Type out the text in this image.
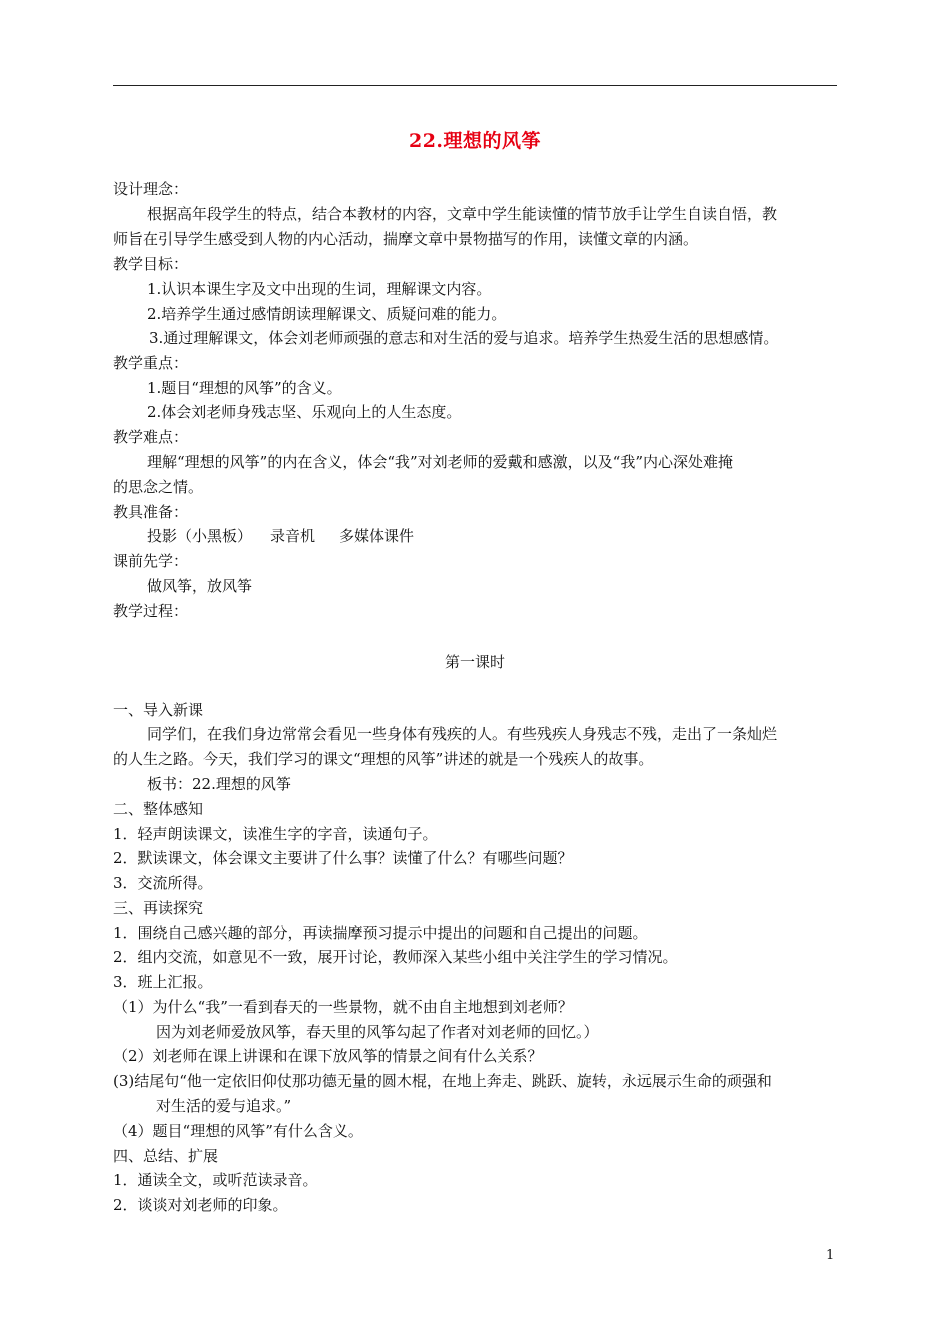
22.理想的风筝
设计理念：
根据高年段学生的特点，结合本教材的内容，文章中学生能读懂的情节放手让学生自读自悟，教
师旨在引导学生感受到人物的内心活动，揣摩文章中景物描写的作用，读懂文章的内涵。
教学目标：
1.认识本课生字及文中出现的生词，理解课文内容。
2.培养学生通过感情朗读理解课文、质疑问难的能力。
3.通过理解课文，体会刘老师顽强的意志和对生活的爱与追求。培养学生热爱生活的思想感情。
教学重点：
1.题目“理想的风筝”的含义。
2.体会刘老师身残志坚、乐观向上的人生态度。
教学难点：
理解“理想的风筝”的内在含义，体会“我”对刘老师的爱戴和感激，以及“我”内心深处难掩
的思念之情。
教具准备：
投影（小黑板） 录音机 多媒体课件
课前先学：
做风筝，放风筝
教学过程：
第一课时
一、导入新课
同学们，在我们身边常常会看见一些身体有残疾的人。有些残疾人身残志不残，走出了一条灿烂
的人生之路。今天，我们学习的课文“理想的风筝”讲述的就是一个残疾人的故事。
板书：22.理想的风筝
二、整体感知
1．轻声朗读课文，读准生字的字音，读通句子。
2．默读课文，体会课文主要讲了什么事？读懂了什么？有哪些问题？
3．交流所得。
三、再读探究
1．围绕自己感兴趣的部分，再读揣摩预习提示中提出的问题和自己提出的问题。
2．组内交流，如意见不一致，展开讨论，教师深入某些小组中关注学生的学习情况。
3．班上汇报。
（1）为什么“我”一看到春天的一些景物，就不由自主地想到刘老师？
因为刘老师爱放风筝，春天里的风筝勾起了作者对刘老师的回忆。）
（2）刘老师在课上讲课和在课下放风筝的情景之间有什么关系？
(3)结尾句“他一定依旧仰仗那功德无量的圆木棍，在地上奔走、跳跃、旋转，永远展示生命的顽强和
对生活的爱与追求。”
（4）题目“理想的风筝”有什么含义。
四、总结、扩展
1．通读全文，或听范读录音。
2．谈谈对刘老师的印象。
1
